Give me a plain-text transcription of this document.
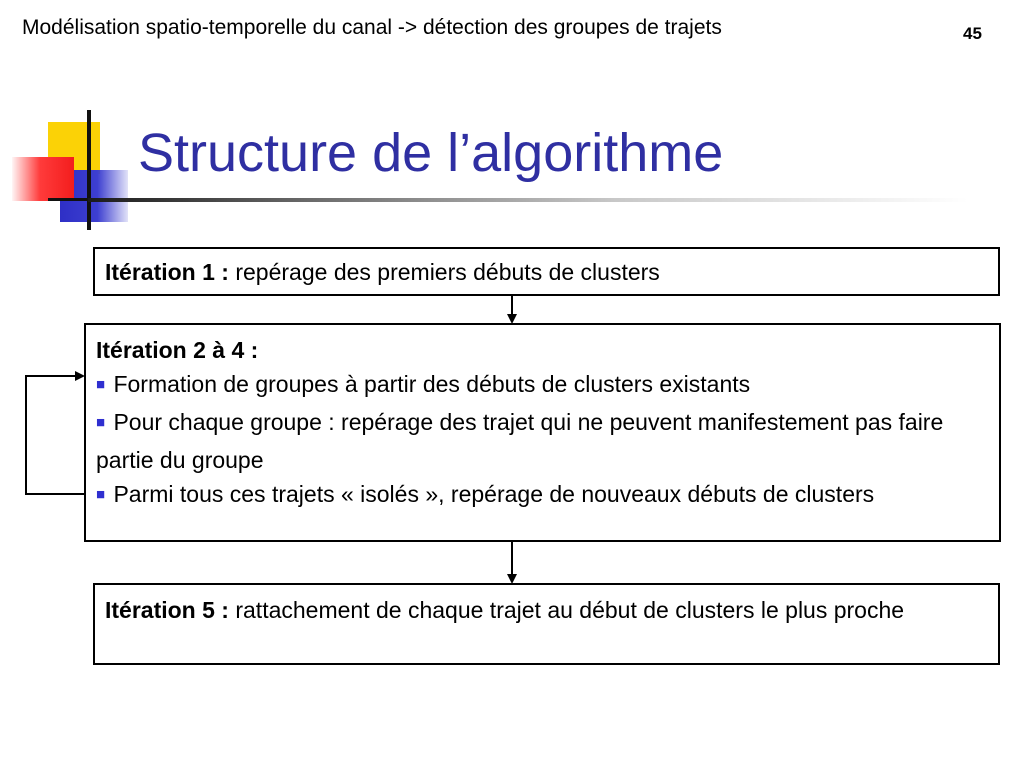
Modélisation spatio-temporelle du canal -> détection des groupes de trajets	45
Structure de l’algorithme
Itération 1 : repérage des premiers débuts de clusters
Itération 2 à 4 :
■ Formation de groupes à partir des débuts de clusters existants
■ Pour chaque groupe : repérage des trajet qui ne peuvent manifestement pas faire partie du groupe
■ Parmi tous ces trajets « isolés », repérage de nouveaux débuts de clusters
Itération 5 : rattachement de chaque trajet au début de clusters le plus proche
